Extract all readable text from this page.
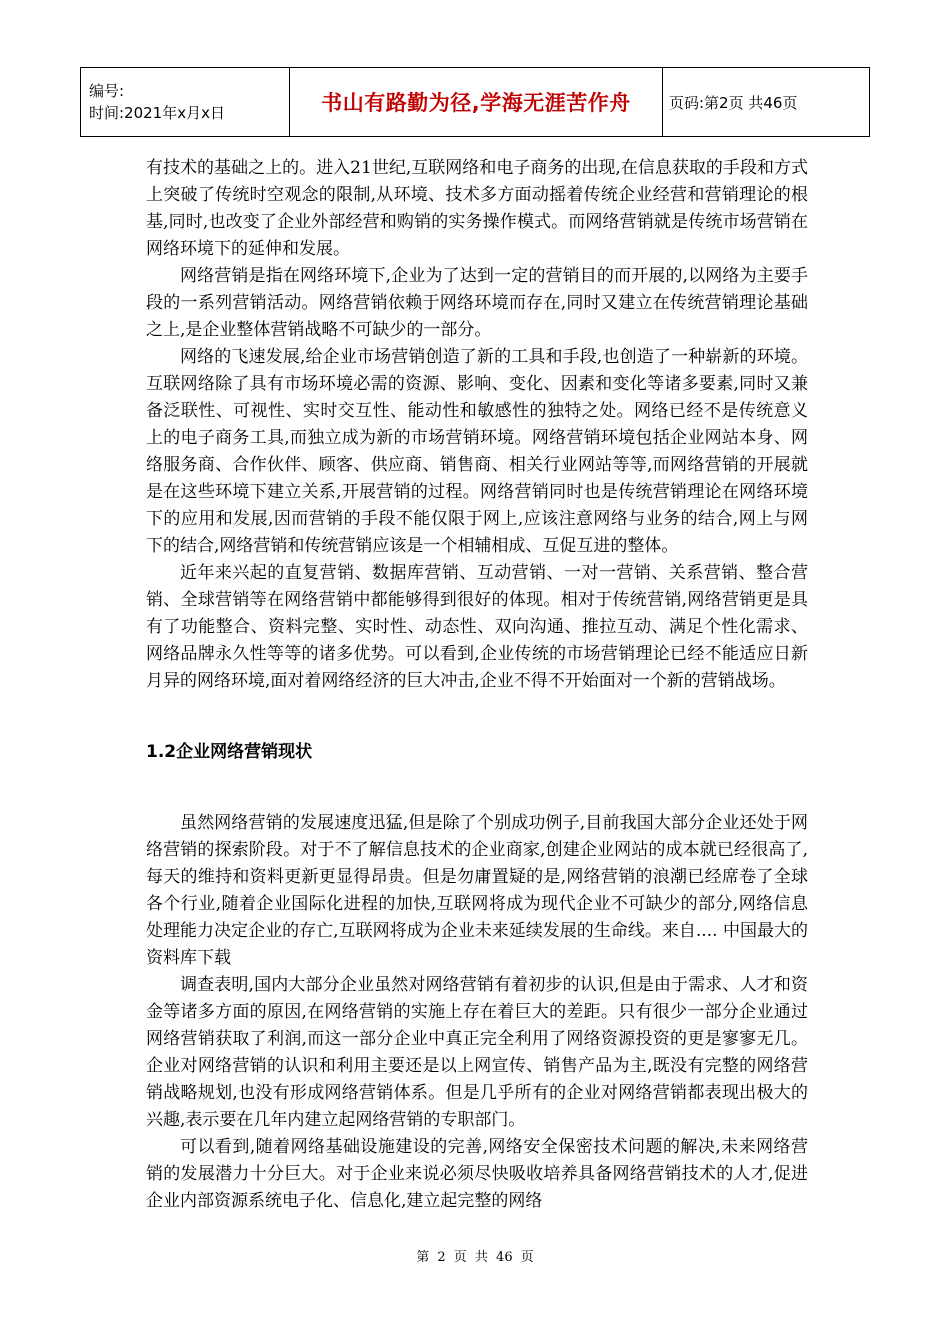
编号:
时间:2021年x月x日	书山有路勤为径,学海无涯苦作舟	页码:第2页 共46页

有技术的基础之上的。进入21世纪,互联网络和电子商务的出现,在信息获取的手段和方式上突破了传统时空观念的限制,从环境、技术多方面动摇着传统企业经营和营销理论的根基,同时,也改变了企业外部经营和购销的实务操作模式。而网络营销就是传统市场营销在网络环境下的延伸和发展。

网络营销是指在网络环境下,企业为了达到一定的营销目的而开展的,以网络为主要手段的一系列营销活动。网络营销依赖于网络环境而存在,同时又建立在传统营销理论基础之上,是企业整体营销战略不可缺少的一部分。

网络的飞速发展,给企业市场营销创造了新的工具和手段,也创造了一种崭新的环境。互联网络除了具有市场环境必需的资源、影响、变化、因素和变化等诸多要素,同时又兼备泛联性、可视性、实时交互性、能动性和敏感性的独特之处。网络已经不是传统意义上的电子商务工具,而独立成为新的市场营销环境。网络营销环境包括企业网站本身、网络服务商、合作伙伴、顾客、供应商、销售商、相关行业网站等等,而网络营销的开展就是在这些环境下建立关系,开展营销的过程。网络营销同时也是传统营销理论在网络环境下的应用和发展,因而营销的手段不能仅限于网上,应该注意网络与业务的结合,网上与网下的结合,网络营销和传统营销应该是一个相辅相成、互促互进的整体。

近年来兴起的直复营销、数据库营销、互动营销、一对一营销、关系营销、整合营销、全球营销等在网络营销中都能够得到很好的体现。相对于传统营销,网络营销更是具有了功能整合、资料完整、实时性、动态性、双向沟通、推拉互动、满足个性化需求、网络品牌永久性等等的诸多优势。可以看到,企业传统的市场营销理论已经不能适应日新月异的网络环境,面对着网络经济的巨大冲击,企业不得不开始面对一个新的营销战场。

1.2企业网络营销现状

虽然网络营销的发展速度迅猛,但是除了个别成功例子,目前我国大部分企业还处于网络营销的探索阶段。对于不了解信息技术的企业商家,创建企业网站的成本就已经很高了,每天的维持和资料更新更显得昂贵。但是勿庸置疑的是,网络营销的浪潮已经席卷了全球各个行业,随着企业国际化进程的加快,互联网将成为现代企业不可缺少的部分,网络信息处理能力决定企业的存亡,互联网将成为企业未来延续发展的生命线。来自.... 中国最大的资料库下载

调查表明,国内大部分企业虽然对网络营销有着初步的认识,但是由于需求、人才和资金等诸多方面的原因,在网络营销的实施上存在着巨大的差距。只有很少一部分企业通过网络营销获取了利润,而这一部分企业中真正完全利用了网络资源投资的更是寥寥无几。企业对网络营销的认识和利用主要还是以上网宣传、销售产品为主,既没有完整的网络营销战略规划,也没有形成网络营销体系。但是几乎所有的企业对网络营销都表现出极大的兴趣,表示要在几年内建立起网络营销的专职部门。

可以看到,随着网络基础设施建设的完善,网络安全保密技术问题的解决,未来网络营销的发展潜力十分巨大。对于企业来说必须尽快吸收培养具备网络营销技术的人才,促进企业内部资源系统电子化、信息化,建立起完整的网络

第 2 页 共 46 页
